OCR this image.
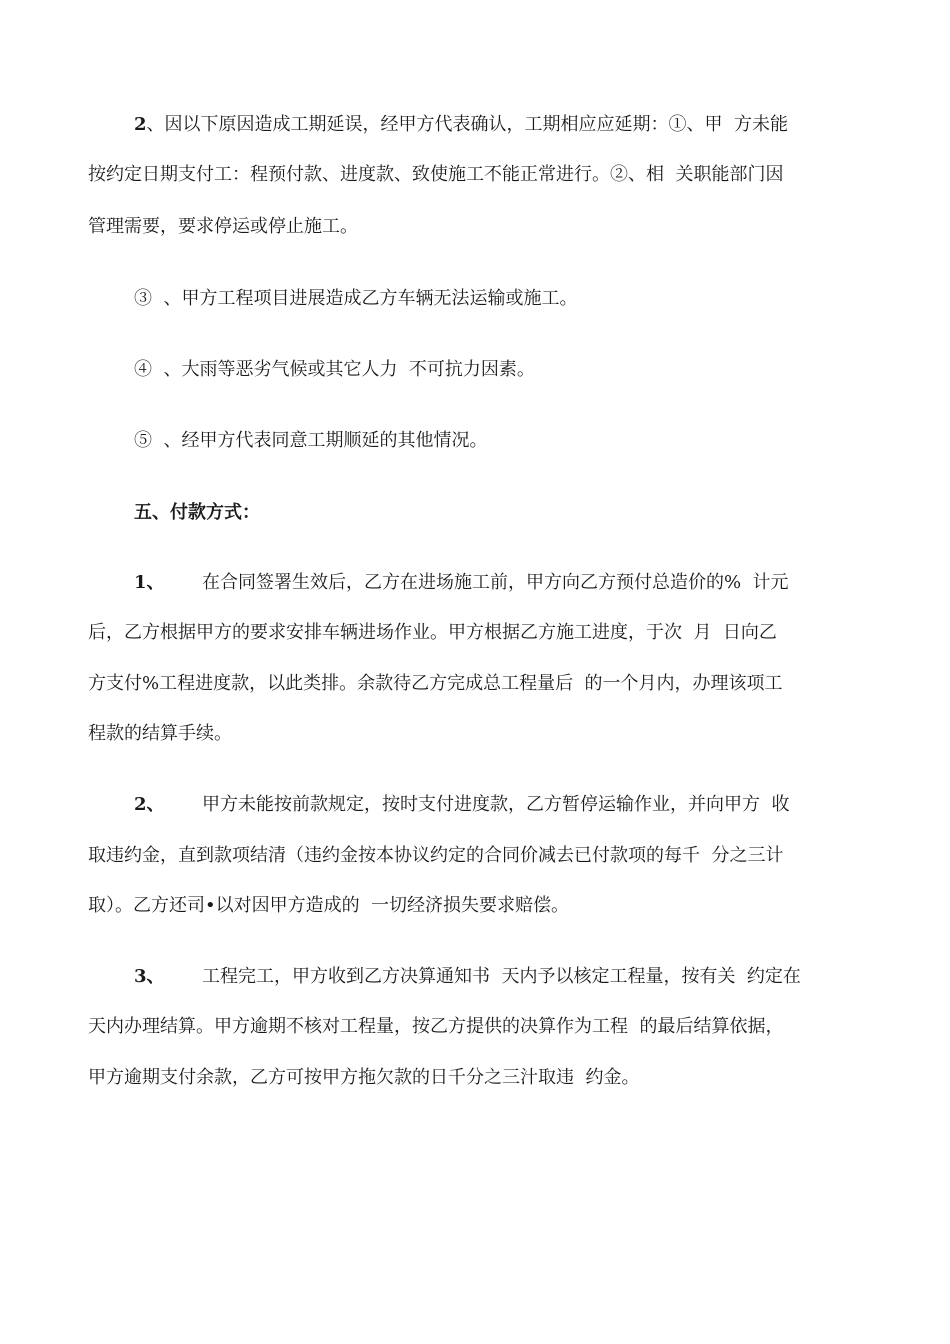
2、因以下原因造成工期延误，经甲方代表确认，工期相应应延期：①、甲  方未能

按约定日期支付工：程预付款、进度款、致使施工不能正常进行。②、相  关职能部门因

管理需要，要求停运或停止施工。

③  、甲方工程项目进展造成乙方车辆无法运输或施工。

④  、大雨等恶劣气候或其它人力  不可抗力因素。

⑤  、经甲方代表同意工期顺延的其他情况。

五、付款方式：

1、 在合同签署生效后，乙方在进场施工前，甲方向乙方预付总造价的%  计元

后，乙方根据甲方的要求安排车辆进场作业。甲方根据乙方施工进度，于次  月  日向乙

方支付%工程进度款，以此类排。余款待乙方完成总工程量后  的一个月内，办理该项工

程款的结算手续。

2、 甲方未能按前款规定，按时支付进度款，乙方暂停运输作业，并向甲方  收

取违约金，直到款项结清（违约金按本协议约定的合同价减去已付款项的每千  分之三计

取）。乙方还司•以对因甲方造成的  一切经济损失要求赔偿。

3、 工程完工，甲方收到乙方决算通知书  天内予以核定工程量，按有关  约定在

天内办理结算。甲方逾期不核对工程量，按乙方提供的决算作为工程  的最后结算依据，

甲方逾期支付余款，乙方可按甲方拖欠款的日千分之三汁取违  约金。
